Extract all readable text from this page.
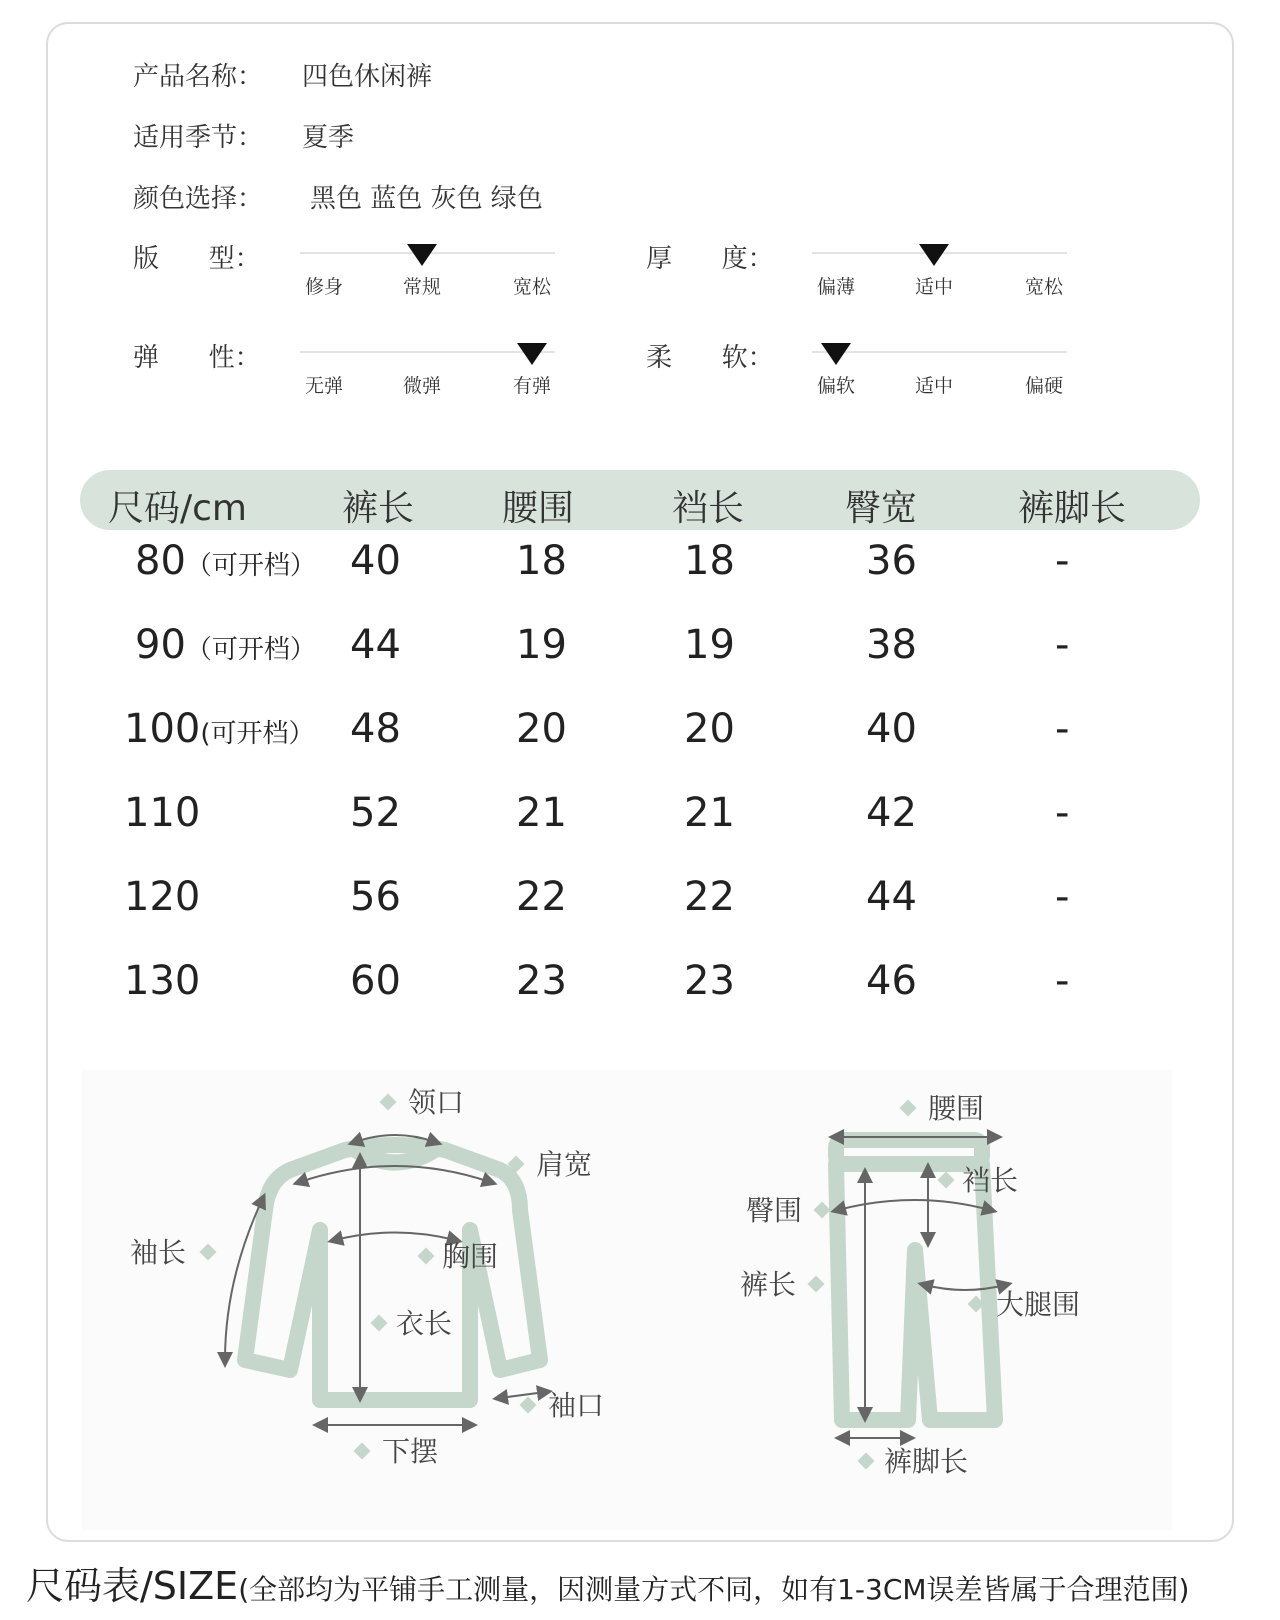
产品名称： 四色休闲裤
适用季节： 夏季
颜色选择： 黑色 蓝色 灰色 绿色
版      型：
修身	常规	宽松
厚      度：
偏薄	适中	宽松
弹      性：
无弹	微弹	有弹
柔      软：
偏软	适中	偏硬
尺码/cm	裤长 腰围	裆长	臀宽	裤脚长
80（可开档） 40	18	18	36	-
90（可开档） 44	19	19	38	-
100(可开档） 48	20	20	40	-
110	52	21	21	42	-
120	56	22	22	44	-
130	60	23	23	46	-
领口
肩宽
袖长	胸围
衣长
袖口
下摆
腰围
裆长
臀围
裤长
大腿围
裤脚长
尺码表/SIZE(全部均为平铺手工测量，因测量方式不同，如有1-3CM误差皆属于合理范围)
